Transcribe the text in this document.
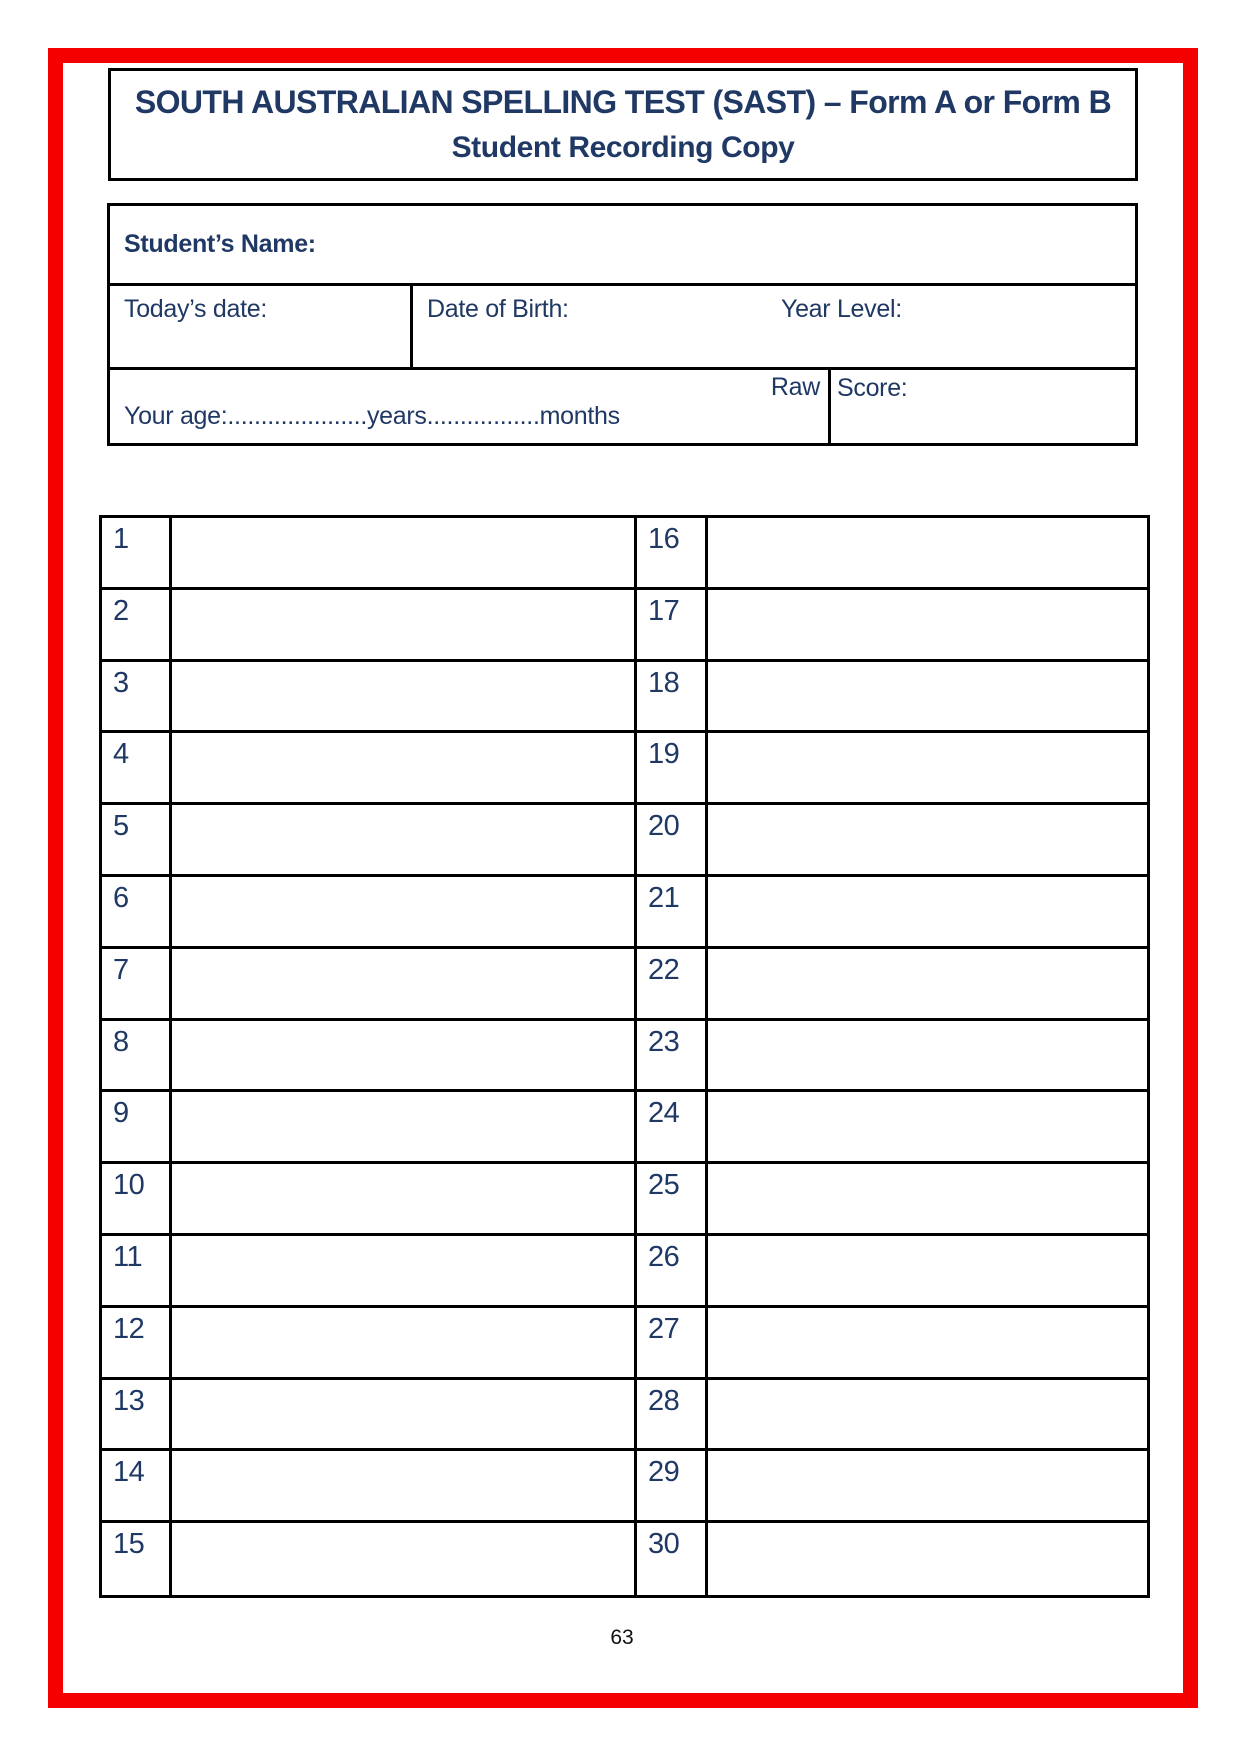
SOUTH AUSTRALIAN SPELLING TEST (SAST) – Form A or Form B
Student Recording Copy
Student’s Name:
Today’s date:	Date of Birth:	Year Level:
Raw
Your age:.....................years.................months
Score:
1	16
2	17
3	18
4	19
5	20
6	21
7	22
8	23
9	24
10	25
11	26
12	27
13	28
14	29
15	30
63
